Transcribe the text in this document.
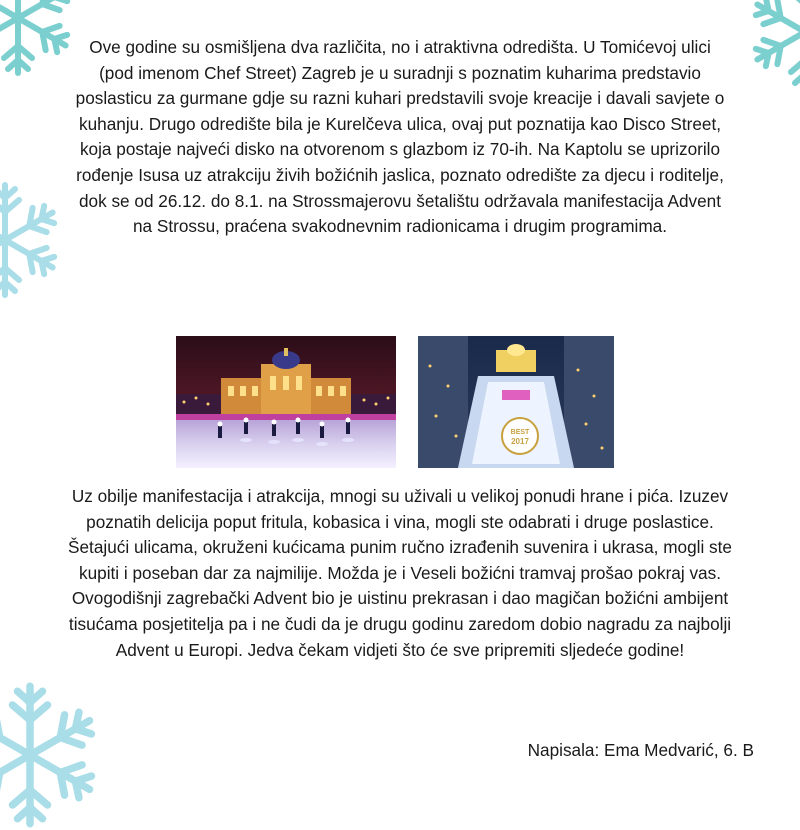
Ove godine su osmišljena dva različita, no i atraktivna odredišta. U Tomićevoj ulici (pod imenom Chef Street) Zagreb je u suradnji s poznatim kuharima predstavio poslasticu za gurmane gdje su razni kuhari predstavili svoje kreacije i davali savjete o kuhanju. Drugo odredište bila je Kurelčeva ulica, ovaj put poznatija kao Disco Street, koja postaje najveći disko na otvorenom s glazbom iz 70-ih. Na Kaptolu se uprizorilo rođenje Isusa uz atrakciju živih božićnih jaslica, poznato odredište za djecu i roditelje, dok se od 26.12. do 8.1. na Strossmajerovu šetalištu održavala manifestacija Advent na Strossu, praćena svakodnevnim radionicama i drugim programima.

BEST
2017

Uz obilje manifestacija i atrakcija, mnogi su uživali u velikoj ponudi hrane i pića. Izuzev poznatih delicija poput fritula, kobasica i vina, mogli ste odabrati i druge poslastice. Šetajući ulicama, okruženi kućicama punim ručno izrađenih suvenira i ukrasa, mogli ste kupiti i poseban dar za najmilije. Možda je i Veseli božićni tramvaj prošao pokraj vas. Ovogodišnji zagrebački Advent bio je uistinu prekrasan i dao magičan božićni ambijent tisućama posjetitelja pa i ne čudi da je drugu godinu zaredom dobio nagradu za najbolji Advent u Europi. Jedva čekam vidjeti što će sve pripremiti sljedeće godine!

Napisala: Ema Medvarić, 6. B
